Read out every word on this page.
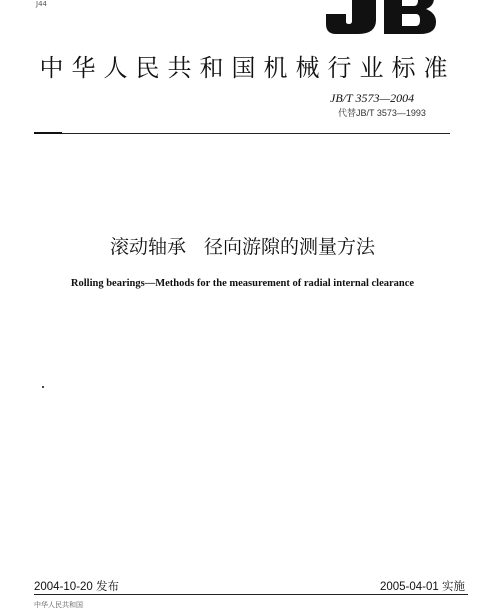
J44
中华人民共和国机械行业标准
JB/T 3573—2004
代替JB/T 3573—1993
滚动轴承   径向游隙的测量方法
Rolling bearings—Methods for the measurement of radial internal clearance
2004-10-20 发布	2005-04-01 实施
中华人民共和国
